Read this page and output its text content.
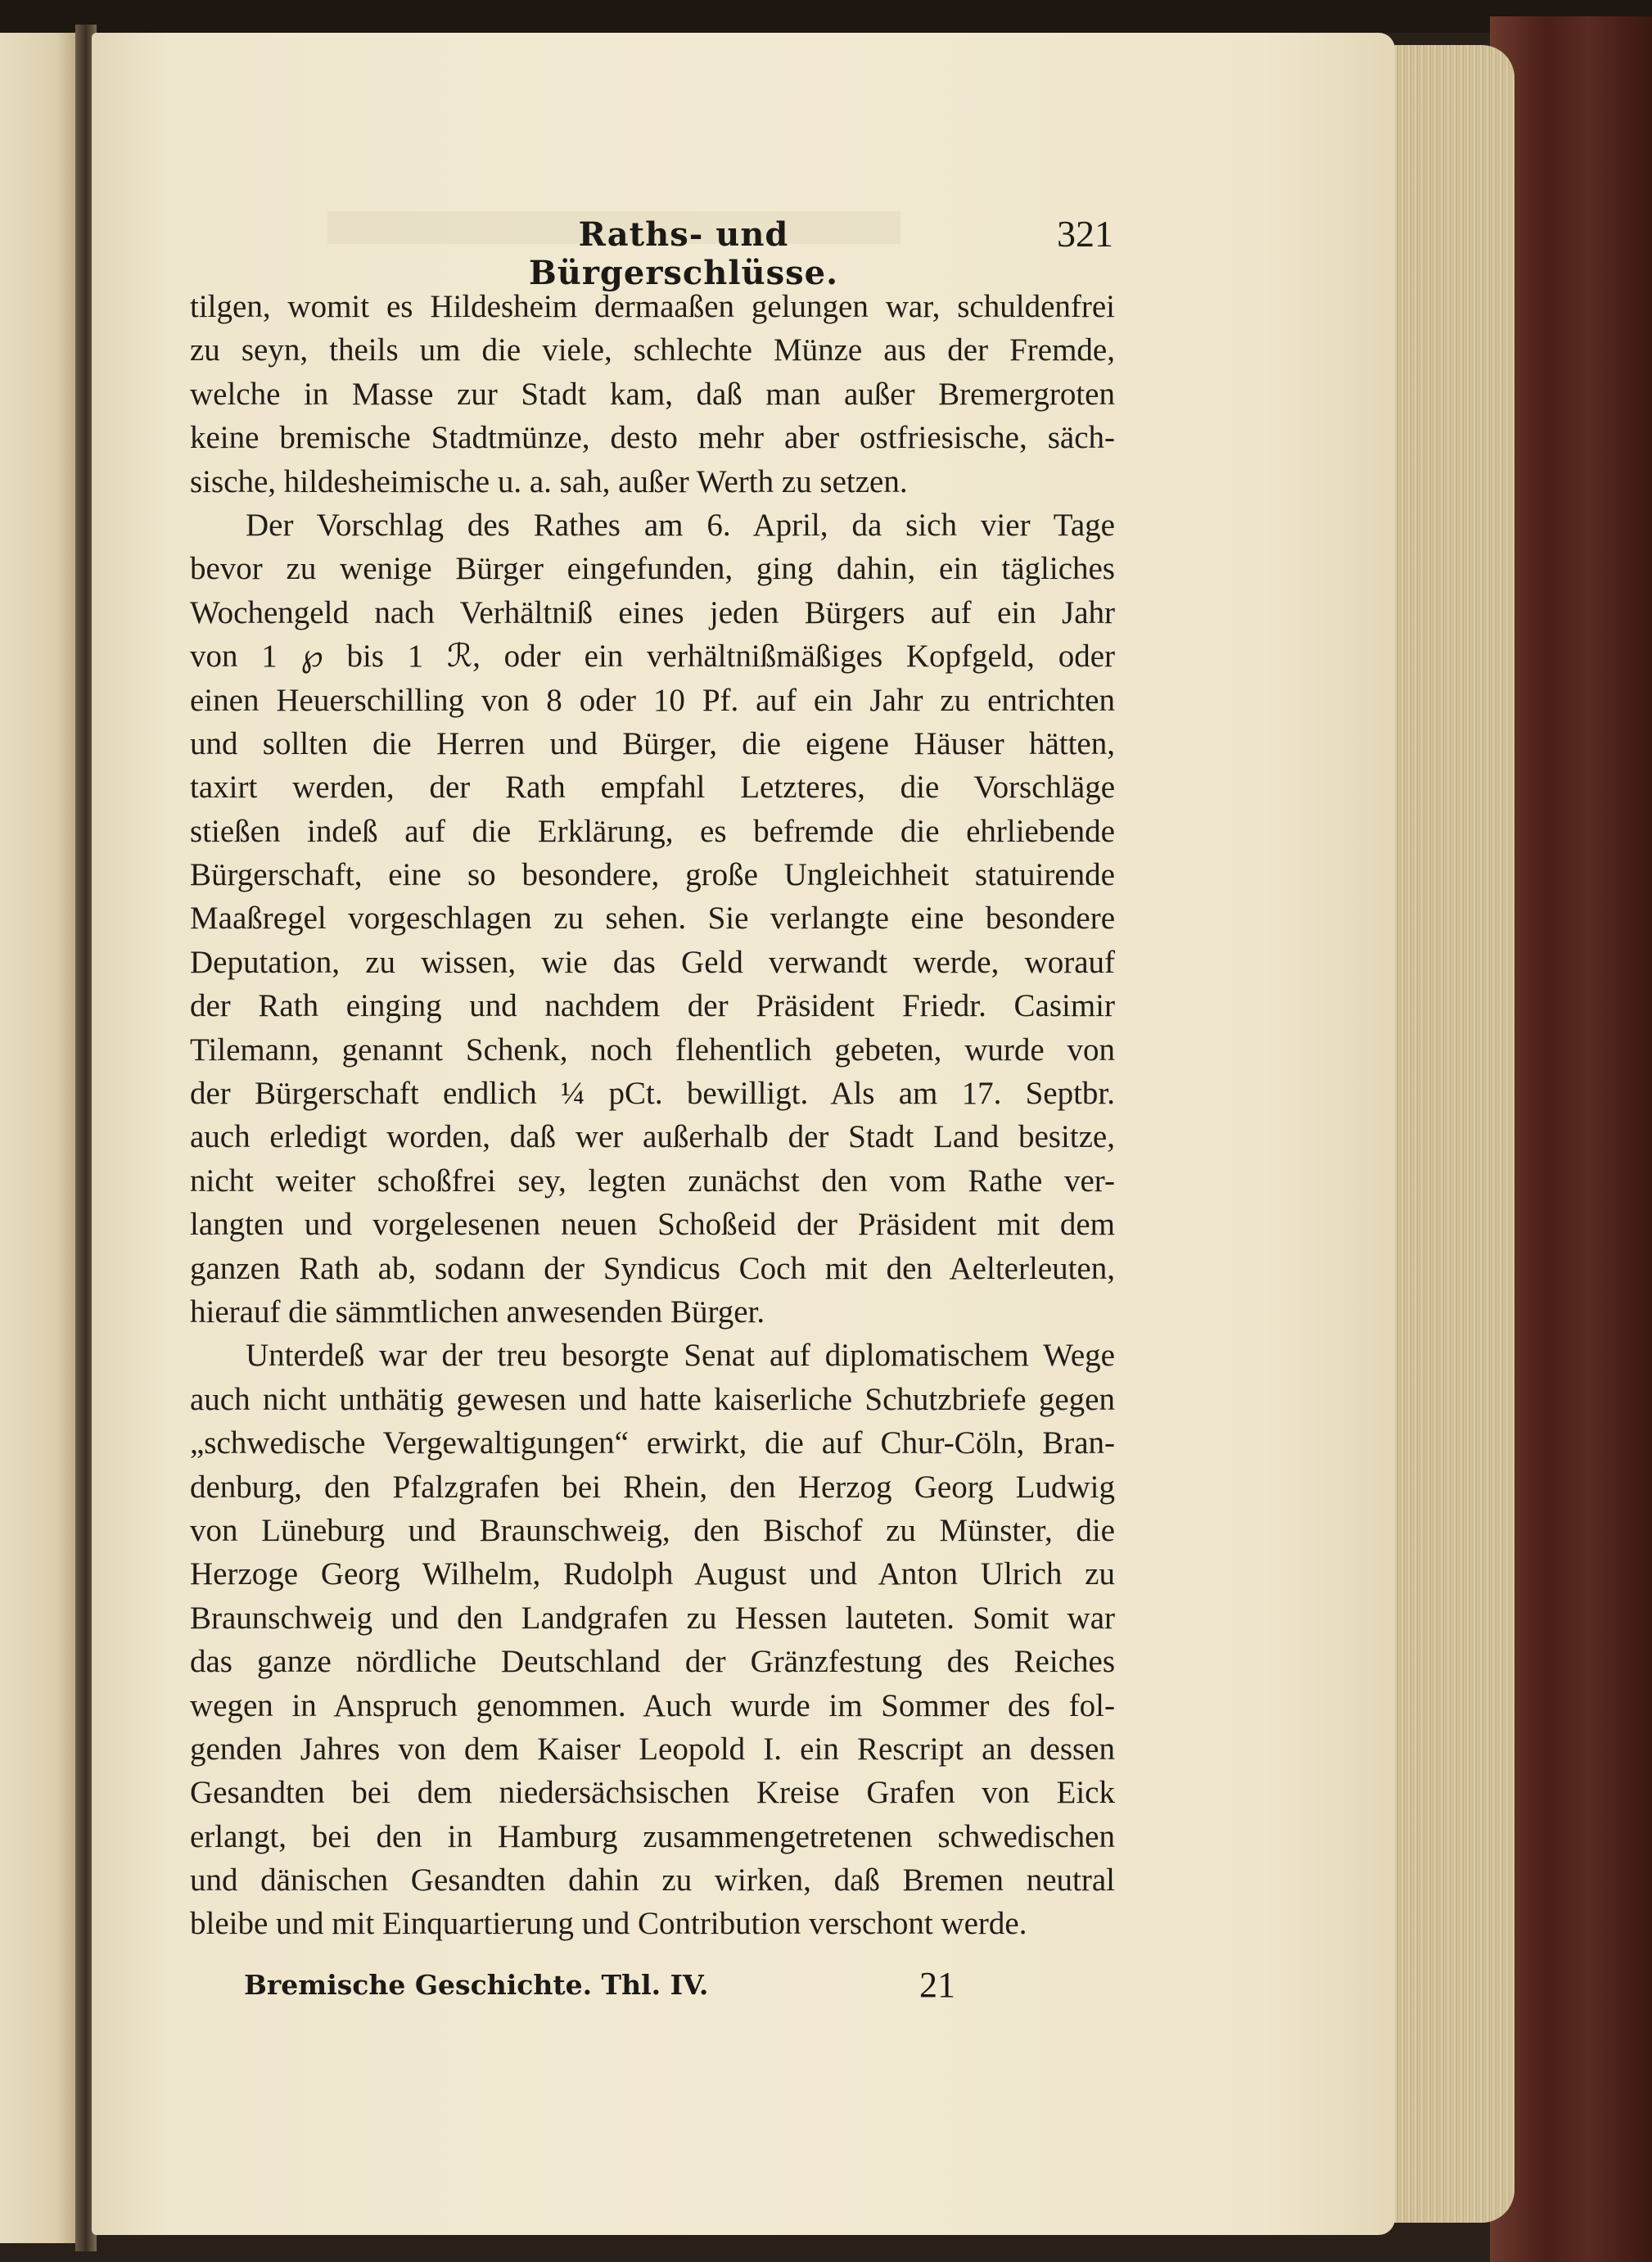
Raths- und Bürgerschlüsse.
321
tilgen, womit es Hildesheim dermaaßen gelungen war, schuldenfrei
zu seyn, theils um die viele, schlechte Münze aus der Fremde,
welche in Masse zur Stadt kam, daß man außer Bremergroten
keine bremische Stadtmünze, desto mehr aber ostfriesische, säch-
sische, hildesheimische u. a. sah, außer Werth zu setzen.
Der Vorschlag des Rathes am 6. April, da sich vier Tage
bevor zu wenige Bürger eingefunden, ging dahin, ein tägliches
Wochengeld nach Verhältniß eines jeden Bürgers auf ein Jahr
von 1 ℘ bis 1 ℛ, oder ein verhältnißmäßiges Kopfgeld, oder
einen Heuerschilling von 8 oder 10 Pf. auf ein Jahr zu entrichten
und sollten die Herren und Bürger, die eigene Häuser hätten,
taxirt werden, der Rath empfahl Letzteres, die Vorschläge
stießen indeß auf die Erklärung, es befremde die ehrliebende
Bürgerschaft, eine so besondere, große Ungleichheit statuirende
Maaßregel vorgeschlagen zu sehen. Sie verlangte eine besondere
Deputation, zu wissen, wie das Geld verwandt werde, worauf
der Rath einging und nachdem der Präsident Friedr. Casimir
Tilemann, genannt Schenk, noch flehentlich gebeten, wurde von
der Bürgerschaft endlich ¼ pCt. bewilligt. Als am 17. Septbr.
auch erledigt worden, daß wer außerhalb der Stadt Land besitze,
nicht weiter schoßfrei sey, legten zunächst den vom Rathe ver-
langten und vorgelesenen neuen Schoßeid der Präsident mit dem
ganzen Rath ab, sodann der Syndicus Coch mit den Aelterleuten,
hierauf die sämmtlichen anwesenden Bürger.
Unterdeß war der treu besorgte Senat auf diplomatischem Wege
auch nicht unthätig gewesen und hatte kaiserliche Schutzbriefe gegen
„schwedische Vergewaltigungen“ erwirkt, die auf Chur-Cöln, Bran-
denburg, den Pfalzgrafen bei Rhein, den Herzog Georg Ludwig
von Lüneburg und Braunschweig, den Bischof zu Münster, die
Herzoge Georg Wilhelm, Rudolph August und Anton Ulrich zu
Braunschweig und den Landgrafen zu Hessen lauteten. Somit war
das ganze nördliche Deutschland der Gränzfestung des Reiches
wegen in Anspruch genommen. Auch wurde im Sommer des fol-
genden Jahres von dem Kaiser Leopold I. ein Rescript an dessen
Gesandten bei dem niedersächsischen Kreise Grafen von Eick
erlangt, bei den in Hamburg zusammengetretenen schwedischen
und dänischen Gesandten dahin zu wirken, daß Bremen neutral
bleibe und mit Einquartierung und Contribution verschont werde.
Bremische Geschichte. Thl. IV.	21
